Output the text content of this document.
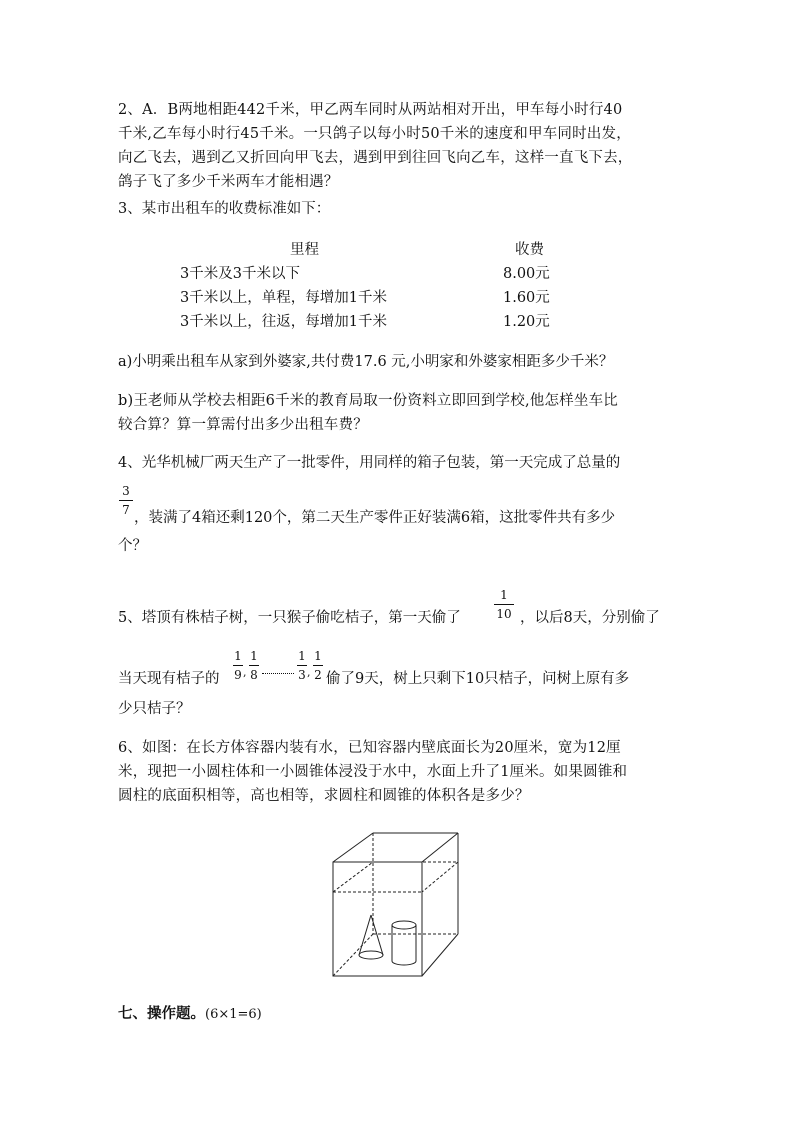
2、A．B两地相距442千米，甲乙两车同时从两站相对开出，甲车每小时行40
千米,乙车每小时行45千米。一只鸽子以每小时50千米的速度和甲车同时出发，
向乙飞去，遇到乙又折回向甲飞去，遇到甲到往回飞向乙车，这样一直飞下去，
鸽子飞了多少千米两车才能相遇？
3、某市出租车的收费标准如下：
里程	收费
3千米及3千米以下	8.00元
3千米以上，单程，每增加1千米	1.60元
3千米以上，往返，每增加1千米	1.20元
a)小明乘出租车从家到外婆家,共付费17.6 元,小明家和外婆家相距多少千米？
b)王老师从学校去相距6千米的教育局取一份资料立即回到学校,他怎样坐车比
较合算？算一算需付出多少出租车费？
4、光华机械厂两天生产了一批零件，用同样的箱子包装，第一天完成了总量的
3
7 ，装满了4箱还剩120个，第二天生产零件正好装满6箱，这批零件共有多少
个？
5、塔顶有株桔子树，一只猴子偷吃桔子，第一天偷了
1
10 ，以后8天，分别偷了
当天现有桔子的
1
9 ,
1
8
1
3 ,
1
2 偷了9天，树上只剩下10只桔子，问树上原有多
少只桔子？
6、如图：在长方体容器内装有水，已知容器内壁底面长为20厘米，宽为12厘
米，现把一小圆柱体和一小圆锥体浸没于水中，水面上升了1厘米。如果圆锥和
圆柱的底面积相等，高也相等，求圆柱和圆锥的体积各是多少？
七、操作题。(6×1=6)
